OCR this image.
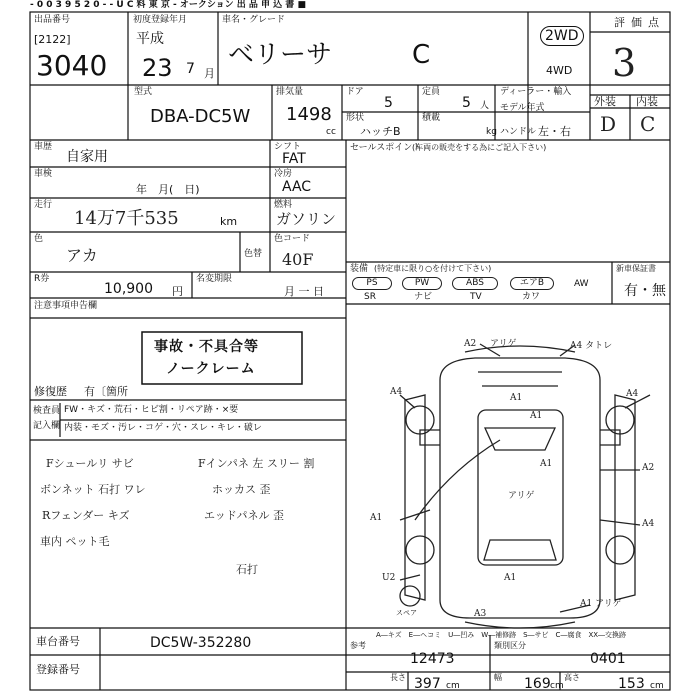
- 0 0 3 9 5 2 0 - - U C 料 東 京 - オークション 出 品 申 込 書 ■
出品番号
[2122]
3040
初度登録年月
平成
23 7 月
車名・グレード
ベリーサ	C
2WD
4WD
評価点
3
外装 内装
D C
型式
DBA-DC5W
排気量
1498
cc
ドア
5
定員
5 人
形状
ハッチB
積載
kg
ディーラー・輸入
モデル年式
ハンドル 左・右
車歴
自家用
シフト
FAT
冷房
AAC
車検
年　月(　日)
走行
14万7千535	km
燃料
ガソリン
色
アカ	色替
色コード
40F
R券
10,900 円
名変期限
月 一 日
セールスポイント
(车両の販売をする為にご記入下さい)
装備 (特定車に限り○を付けて下さい)
PS	PW	ABS	エアB	AW
SR	ナビ	TV	カワ
新車保証書
有・無
注意事項申告欄
事故・不具合等
ノークレーム
修復歴 有〔箇所
検査員
記入欄
FW・キズ・荒石・ヒビ割・リペア跡・×要
内装・モズ・汚レ・コゲ・穴・スレ・キレ・破レ
Fシュールリ サビ
ボンネット 石打 ワレ
Rフェンダー キズ
車内 ペット毛
Fインパネ 左 スリー 割
ホッカス 歪
エッドパネル 歪
石打
A2 アリゲ	A4 タトレ
A1
A1
A1
A4	A4
A2
A4
アリゲ
A1
A1
A1 アリゲ
A3
スペア
U2
A―キズ　E―ヘコミ　U―凹み　W―補修跡　S―サビ　C―腐食　XX―交換跡
車台番号	DC5W-352280
登録番号
参考
12473
類別区分
0401
長さ 397 cm
幅 169 cm
高さ	153 cm
